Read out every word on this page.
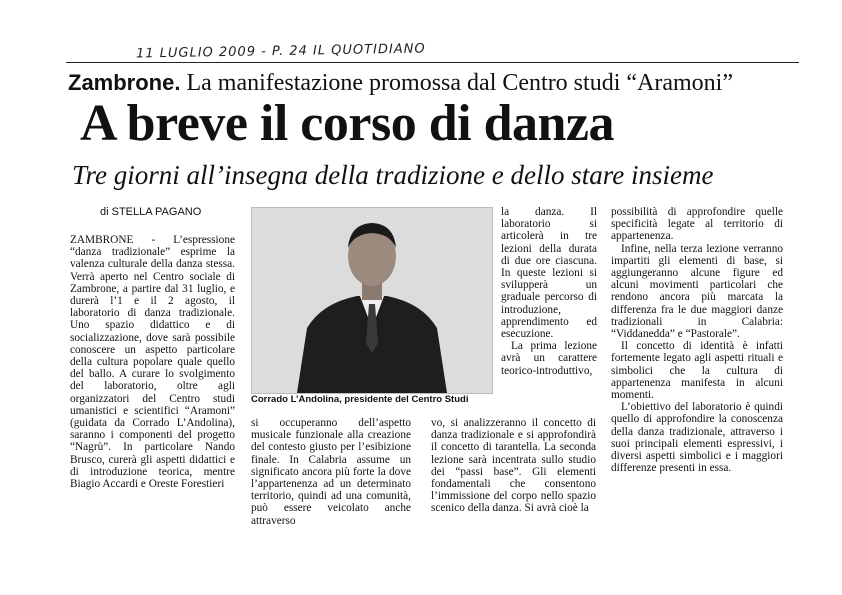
11 LUGLIO 2009 - P. 24 IL QUOTIDIANO
Zambrone. La manifestazione promossa dal Centro studi “Aramoni”
A breve il corso di danza
Tre giorni all’insegna della tradizione e dello stare insieme
di STELLA PAGANO

ZAMBRONE - L’espressione “danza tradizionale” esprime la valenza culturale della danza stessa. Verrà aperto nel Centro sociale di Zambrone, a partire dal 31 luglio, e durerà l’1 e il 2 agosto, il laboratorio di danza tradizionale. Uno spazio didattico e di socializzazione, dove sarà possibile conoscere un aspetto particolare della cultura popolare quale quello del ballo. A curare lo svolgimento del laboratorio, oltre agli organizzatori del Centro studi umanistici e scientifici “Aramoni” (guidata da Corrado L’Andolina), saranno i componenti del progetto “Nagrù”. In particolare Nando Brusco, curerà gli aspetti didattici e di introduzione teorica, mentre Biagio Accardi e Oreste Forestieri

Corrado L’Andolina, presidente del Centro Studi

si occuperanno dell’aspetto musicale funzionale alla creazione del contesto giusto per l’esibizione finale. In Calabria assume un significato ancora più forte la dove l’appartenenza ad un determinato territorio, quindi ad una comunità, può essere veicolato anche attraverso

vo, si analizzeranno il concetto di danza tradizionale e si approfondirà il concetto di tarantella. La seconda lezione sarà incentrata sullo studio dei “passi base”. Gli elementi fondamentali che consentono l’immissione del corpo nello spazio scenico della danza. Si avrà cioè la

la danza. Il laboratorio si articolerà in tre lezioni della durata di due ore ciascuna. In queste lezioni si svilupperà un graduale percorso di introduzione, apprendimento ed esecuzione.

La prima lezione avrà un carattere teorico-introduttivo,

possibilità di approfondire quelle specificità legate al territorio di appartenenza.

Infine, nella terza lezione verranno impartiti gli elementi di base, si aggiungeranno alcune figure ed alcuni movimenti particolari che rendono ancora più marcata la differenza fra le due maggiori danze tradizionali in Calabria: “Viddanedda” e “Pastorale”.

Il concetto di identità è infatti fortemente legato agli aspetti rituali e simbolici che la cultura di appartenenza manifesta in alcuni momenti.

L’obiettivo del laboratorio è quindi quello di approfondire la conoscenza della danza tradizionale, attraverso i suoi principali elementi espressivi, i diversi aspetti simbolici e i maggiori differenze presenti in essa.
